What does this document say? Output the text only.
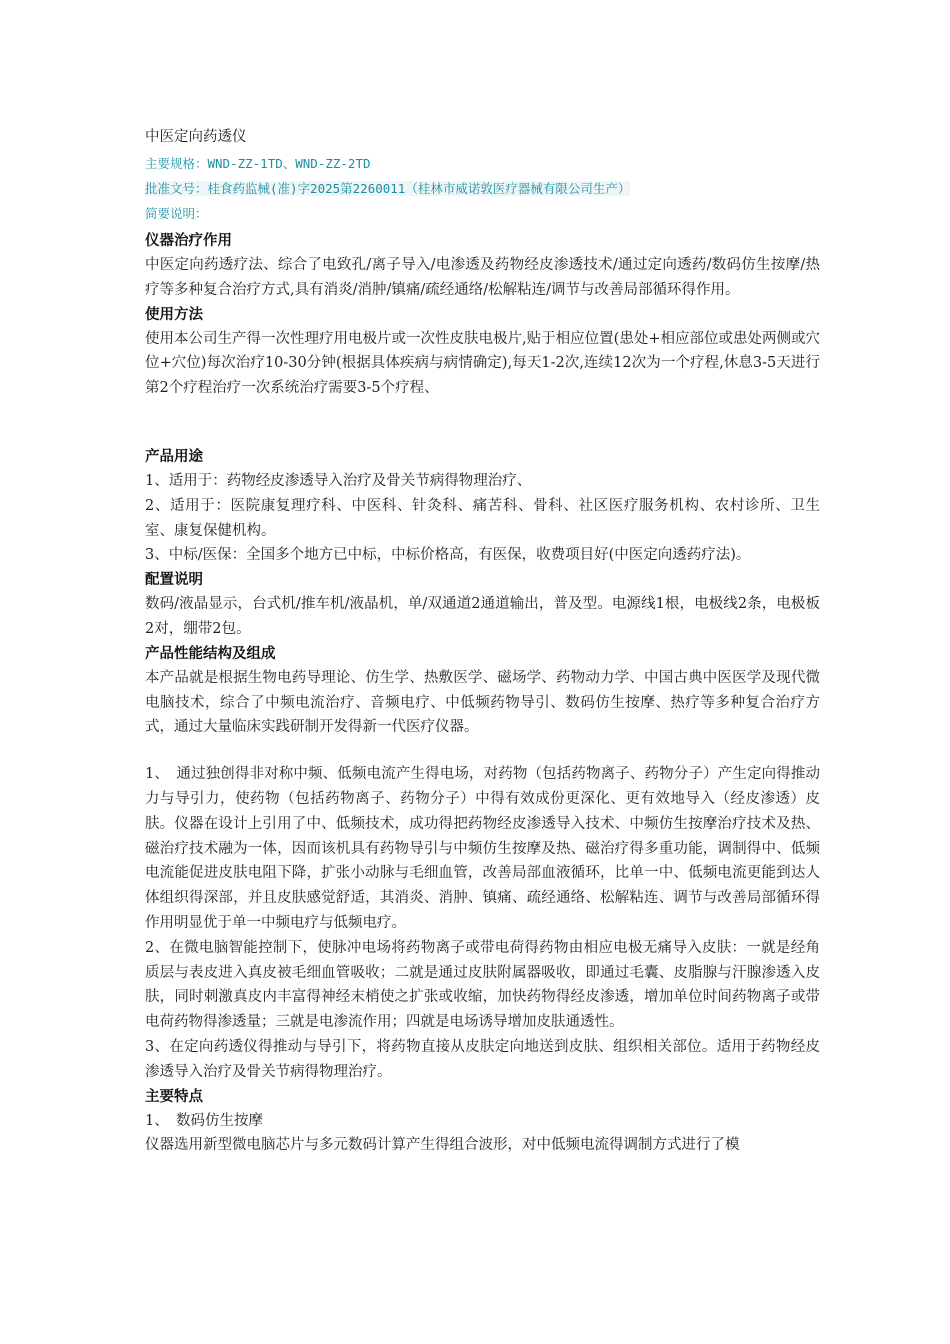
中医定向药透仪
主要规格：WND-ZZ-1TD、WND-ZZ-2TD
批准文号：桂食药监械(准)字2025第2260011（桂林市威诺敦医疗器械有限公司生产）
简要说明：
仪器治疗作用

中医定向药透疗法、综合了电致孔/离子导入/电渗透及药物经皮渗透技术/通过定向透药/数码仿生按摩/热疗等多种复合治疗方式,具有消炎/消肿/镇痛/疏经通络/松解粘连/调节与改善局部循环得作用。

使用方法

使用本公司生产得一次性理疗用电极片或一次性皮肤电极片,贴于相应位置(患处+相应部位或患处两侧或穴位+穴位)每次治疗10-30分钟(根据具体疾病与病情确定),每天1-2次,连续12次为一个疗程,休息3-5天进行第2个疗程治疗一次系统治疗需要3-5个疗程、

产品用途

1、适用于：药物经皮渗透导入治疗及骨关节病得物理治疗、

2、适用于：医院康复理疗科、中医科、针灸科、痛苦科、骨科、社区医疗服务机构、农村诊所、卫生室、康复保健机构。

3、中标/医保：全国多个地方已中标，中标价格高，有医保，收费项目好(中医定向透药疗法)。

配置说明

数码/液晶显示，台式机/推车机/液晶机，单/双通道2通道输出，普及型。电源线1根，电极线2条，电极板2对，绷带2包。

产品性能结构及组成

本产品就是根据生物电药导理论、仿生学、热敷医学、磁场学、药物动力学、中国古典中医医学及现代微电脑技术，综合了中频电流治疗、音频电疗、中低频药物导引、数码仿生按摩、热疗等多种复合治疗方式，通过大量临床实践研制开发得新一代医疗仪器。

1、　通过独创得非对称中频、低频电流产生得电场，对药物（包括药物离子、药物分子）产生定向得推动力与导引力，使药物（包括药物离子、药物分子）中得有效成份更深化、更有效地导入（经皮渗透）皮肤。仪器在设计上引用了中、低频技术，成功得把药物经皮渗透导入技术、中频仿生按摩治疗技术及热、磁治疗技术融为一体，因而该机具有药物导引与中频仿生按摩及热、磁治疗得多重功能，调制得中、低频电流能促进皮肤电阻下降，扩张小动脉与毛细血管，改善局部血液循环，比单一中、低频电流更能到达人体组织得深部，并且皮肤感觉舒适，其消炎、消肿、镇痛、疏经通络、松解粘连、调节与改善局部循环得作用明显优于单一中频电疗与低频电疗。

2、在微电脑智能控制下，使脉冲电场将药物离子或带电荷得药物由相应电极无痛导入皮肤：一就是经角质层与表皮进入真皮被毛细血管吸收；二就是通过皮肤附属器吸收，即通过毛囊、皮脂腺与汗腺渗透入皮肤，同时刺激真皮内丰富得神经末梢使之扩张或收缩，加快药物得经皮渗透，增加单位时间药物离子或带电荷药物得渗透量；三就是电渗流作用；四就是电场诱导增加皮肤通透性。

3、在定向药透仪得推动与导引下，将药物直接从皮肤定向地送到皮肤、组织相关部位。适用于药物经皮渗透导入治疗及骨关节病得物理治疗。

主要特点

1、　数码仿生按摩

仪器选用新型微电脑芯片与多元数码计算产生得组合波形，对中低频电流得调制方式进行了模
